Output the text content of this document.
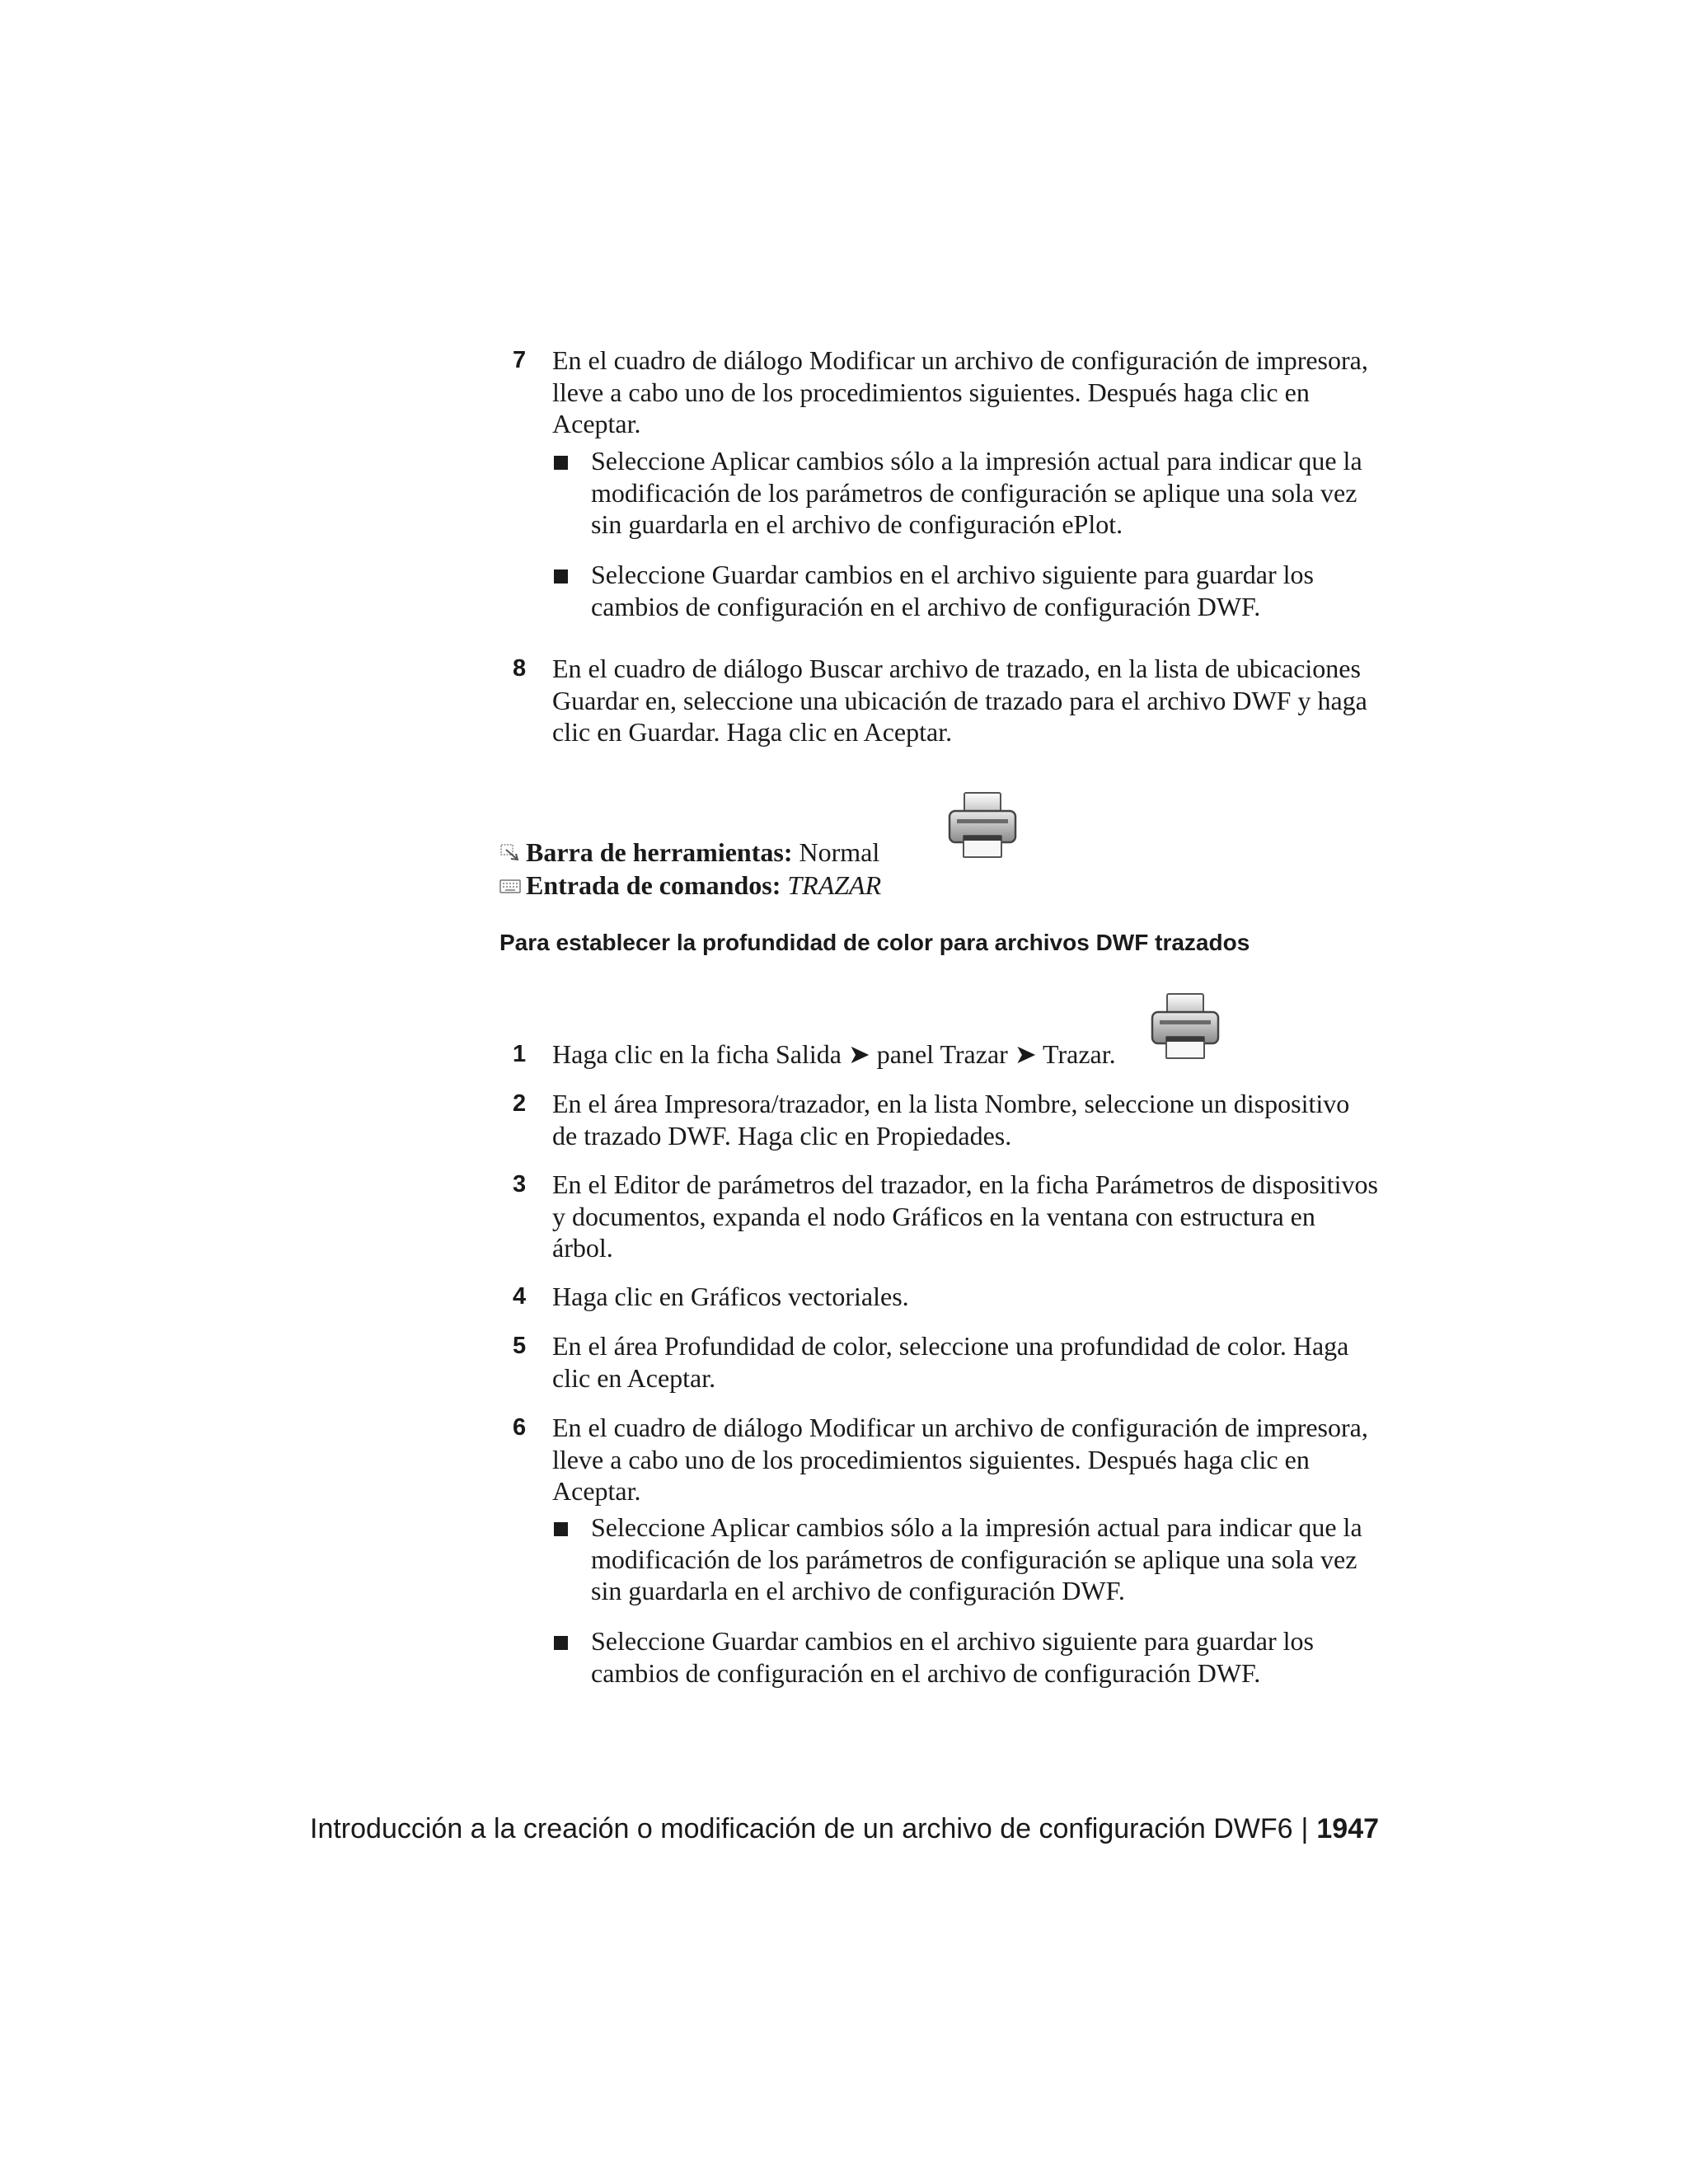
7 En el cuadro de diálogo Modificar un archivo de configuración de impresora, lleve a cabo uno de los procedimientos siguientes. Después haga clic en Aceptar.
Seleccione Aplicar cambios sólo a la impresión actual para indicar que la modificación de los parámetros de configuración se aplique una sola vez sin guardarla en el archivo de configuración ePlot.
Seleccione Guardar cambios en el archivo siguiente para guardar los cambios de configuración en el archivo de configuración DWF.
8 En el cuadro de diálogo Buscar archivo de trazado, en la lista de ubicaciones Guardar en, seleccione una ubicación de trazado para el archivo DWF y haga clic en Guardar. Haga clic en Aceptar.
Barra de herramientas: Normal
Entrada de comandos: TRAZAR
Para establecer la profundidad de color para archivos DWF trazados
1 Haga clic en la ficha Salida ➤ panel Trazar ➤ Trazar.
2 En el área Impresora/trazador, en la lista Nombre, seleccione un dispositivo de trazado DWF. Haga clic en Propiedades.
3 En el Editor de parámetros del trazador, en la ficha Parámetros de dispositivos y documentos, expanda el nodo Gráficos en la ventana con estructura en árbol.
4 Haga clic en Gráficos vectoriales.
5 En el área Profundidad de color, seleccione una profundidad de color. Haga clic en Aceptar.
6 En el cuadro de diálogo Modificar un archivo de configuración de impresora, lleve a cabo uno de los procedimientos siguientes. Después haga clic en Aceptar.
Seleccione Aplicar cambios sólo a la impresión actual para indicar que la modificación de los parámetros de configuración se aplique una sola vez sin guardarla en el archivo de configuración DWF.
Seleccione Guardar cambios en el archivo siguiente para guardar los cambios de configuración en el archivo de configuración DWF.
Introducción a la creación o modificación de un archivo de configuración DWF6 | 1947
